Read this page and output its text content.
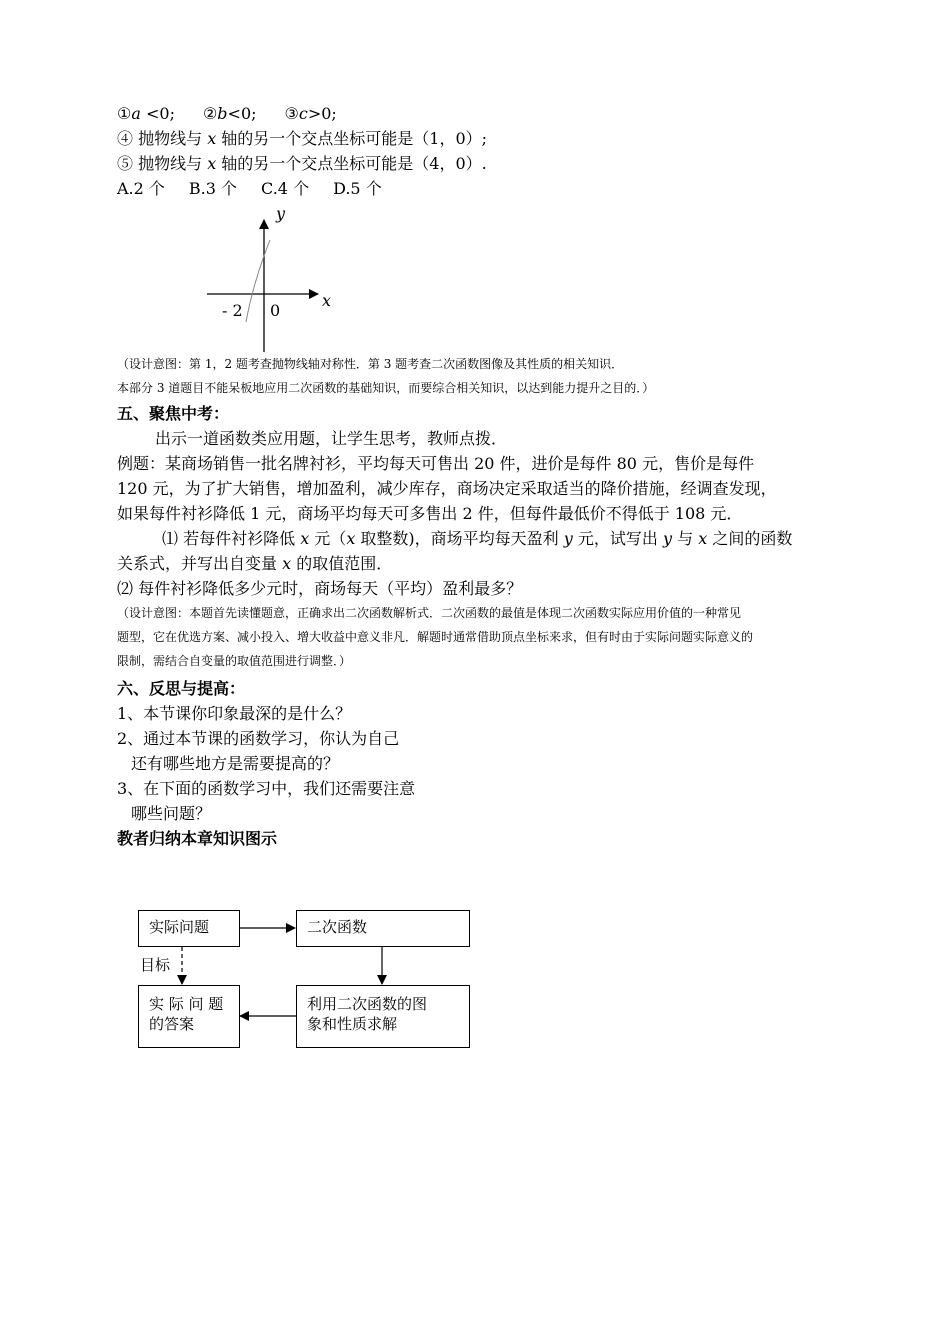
①a <0; ②b<0; ③c>0;
④ 抛物线与 x 轴的另一个交点坐标可能是（1，0）;
⑤ 抛物线与 x 轴的另一个交点坐标可能是（4，0）.
A.2 个 B.3 个 C.4 个 D.5 个
y
x
- 2 0
（设计意图：第 1，2 题考查抛物线轴对称性．第 3 题考查二次函数图像及其性质的相关知识．
本部分 3 道题目不能呆板地应用二次函数的基础知识，而要综合相关知识，以达到能力提升之目的．）
五、聚焦中考：
出示一道函数类应用题，让学生思考，教师点拨．
例题：某商场销售一批名牌衬衫，平均每天可售出 20 件，进价是每件 80 元，售价是每件
120 元，为了扩大销售，增加盈利，减少库存，商场决定采取适当的降价措施，经调查发现，
如果每件衬衫降低 1 元，商场平均每天可多售出 2 件，但每件最低价不得低于 108 元．
⑴ 若每件衬衫降低 x 元（x 取整数)，商场平均每天盈利 y 元，试写出 y 与 x 之间的函数
关系式，并写出自变量 x 的取值范围．
⑵ 每件衬衫降低多少元时，商场每天（平均）盈利最多？
（设计意图：本题首先读懂题意，正确求出二次函数解析式．二次函数的最值是体现二次函数实际应用价值的一种常见
题型，它在优选方案、减小投入、增大收益中意义非凡．解题时通常借助顶点坐标来求，但有时由于实际问题实际意义的
限制，需结合自变量的取值范围进行调整．）
六、反思与提高：
1、本节课你印象最深的是什么？
2、通过本节课的函数学习，你认为自己
还有哪些地方是需要提高的？
3、在下面的函数学习中，我们还需要注意
哪些问题？
教者归纳本章知识图示
实际问题	二次函数
实 际 问 题
的答案
利用二次函数的图
象和性质求解
目标
